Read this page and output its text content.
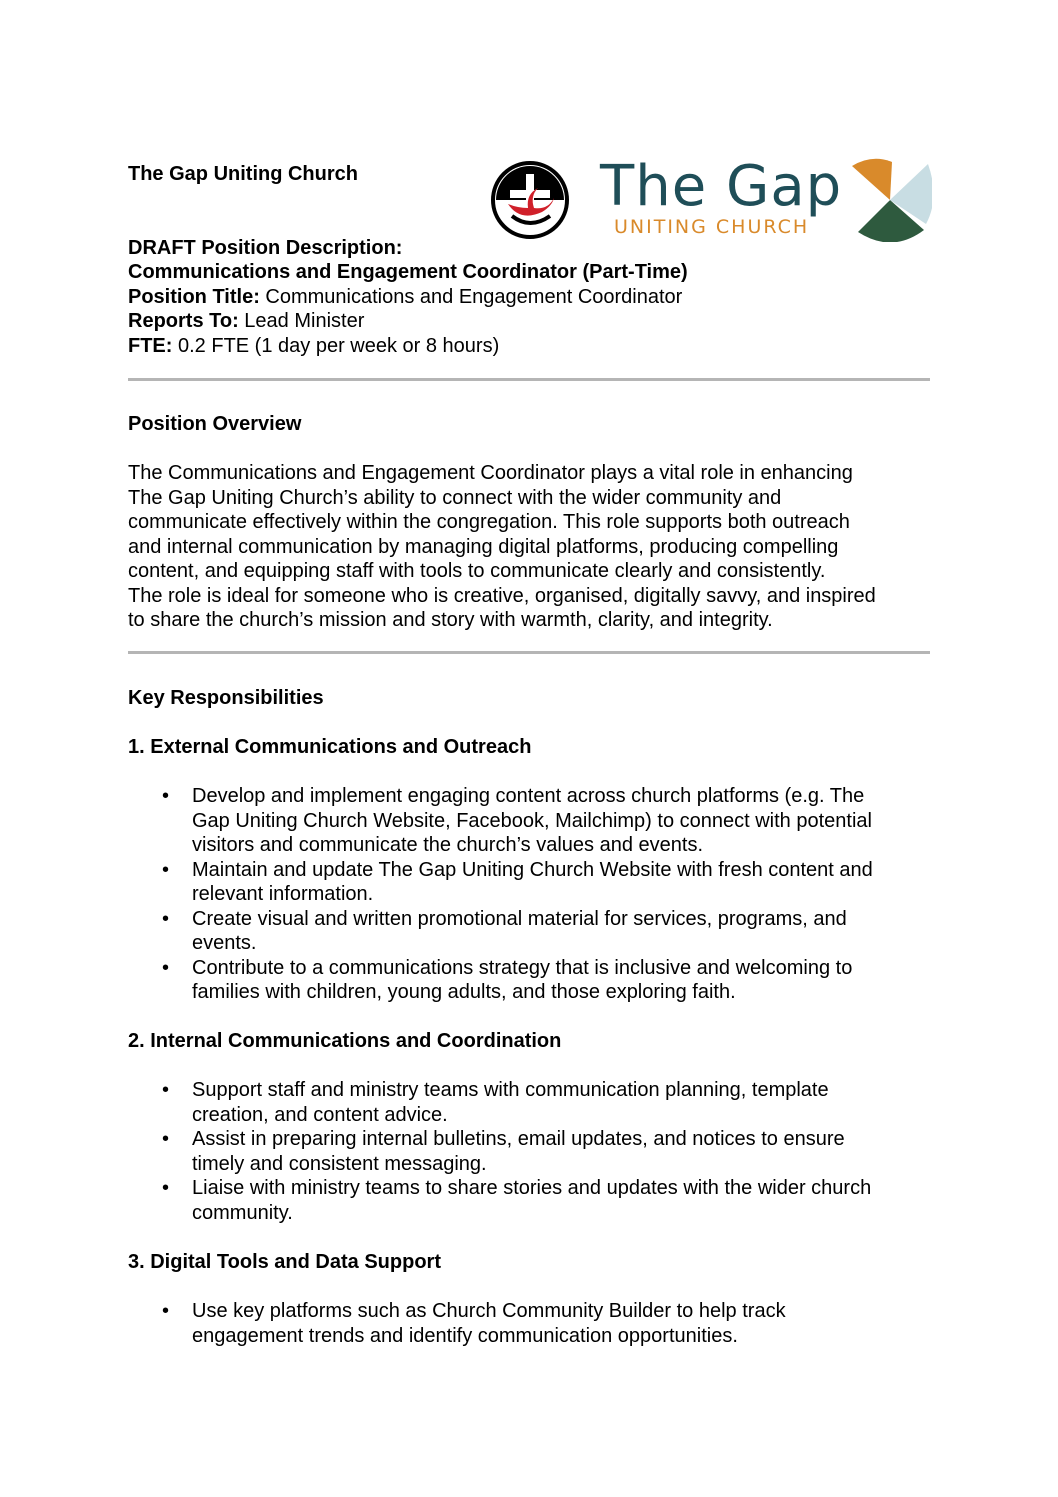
The Gap Uniting Church	The Gap
UNITING CHURCH
DRAFT Position Description:
Communications and Engagement Coordinator (Part-Time)
Position Title: Communications and Engagement Coordinator
Reports To: Lead Minister
FTE: 0.2 FTE (1 day per week or 8 hours)
Position Overview
The Communications and Engagement Coordinator plays a vital role in enhancing
The Gap Uniting Church’s ability to connect with the wider community and
communicate effectively within the congregation. This role supports both outreach
and internal communication by managing digital platforms, producing compelling
content, and equipping staff with tools to communicate clearly and consistently.
The role is ideal for someone who is creative, organised, digitally savvy, and inspired
to share the church’s mission and story with warmth, clarity, and integrity.
Key Responsibilities
1. External Communications and Outreach
• Develop and implement engaging content across church platforms (e.g. The
Gap Uniting Church Website, Facebook, Mailchimp) to connect with potential
visitors and communicate the church’s values and events.
• Maintain and update The Gap Uniting Church Website with fresh content and
relevant information.
• Create visual and written promotional material for services, programs, and
events.
• Contribute to a communications strategy that is inclusive and welcoming to
families with children, young adults, and those exploring faith.
2. Internal Communications and Coordination
• Support staff and ministry teams with communication planning, template
creation, and content advice.
• Assist in preparing internal bulletins, email updates, and notices to ensure
timely and consistent messaging.
• Liaise with ministry teams to share stories and updates with the wider church
community.
3. Digital Tools and Data Support
• Use key platforms such as Church Community Builder to help track
engagement trends and identify communication opportunities.
